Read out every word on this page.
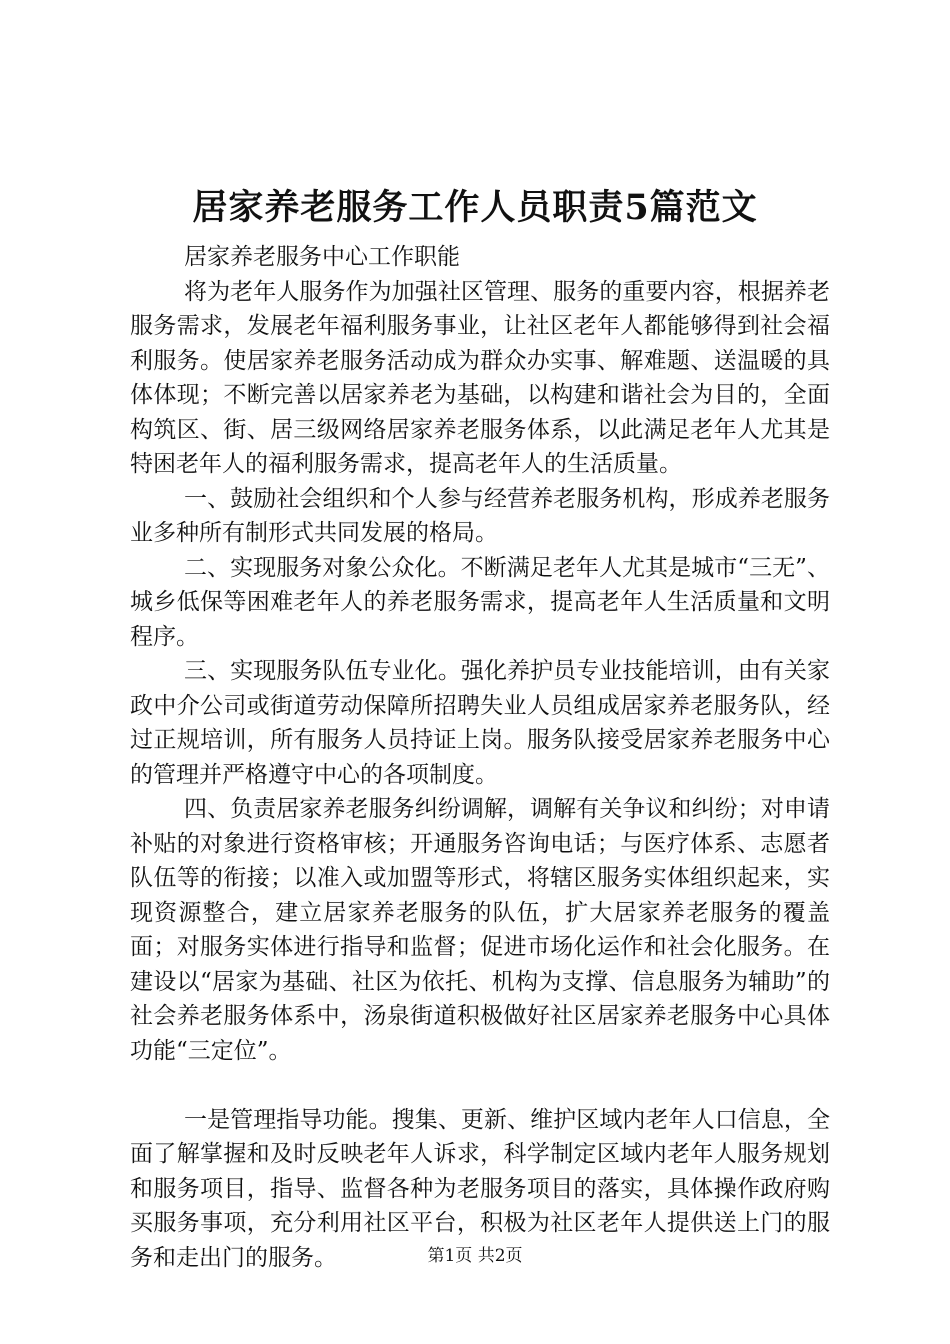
居家养老服务工作人员职责5篇范文

居家养老服务中心工作职能

将为老年人服务作为加强社区管理、服务的重要内容，根据养老服务需求，发展老年福利服务事业，让社区老年人都能够得到社会福利服务。使居家养老服务活动成为群众办实事、解难题、送温暖的具体体现；不断完善以居家养老为基础，以构建和谐社会为目的，全面构筑区、街、居三级网络居家养老服务体系，以此满足老年人尤其是特困老年人的福利服务需求，提高老年人的生活质量。

一、鼓励社会组织和个人参与经营养老服务机构，形成养老服务业多种所有制形式共同发展的格局。

二、实现服务对象公众化。不断满足老年人尤其是城市“三无”、城乡低保等困难老年人的养老服务需求，提高老年人生活质量和文明程序。

三、实现服务队伍专业化。强化养护员专业技能培训，由有关家政中介公司或街道劳动保障所招聘失业人员组成居家养老服务队，经过正规培训，所有服务人员持证上岗。服务队接受居家养老服务中心的管理并严格遵守中心的各项制度。

四、负责居家养老服务纠纷调解，调解有关争议和纠纷；对申请补贴的对象进行资格审核；开通服务咨询电话；与医疗体系、志愿者队伍等的衔接；以准入或加盟等形式，将辖区服务实体组织起来，实现资源整合，建立居家养老服务的队伍，扩大居家养老服务的覆盖面；对服务实体进行指导和监督；促进市场化运作和社会化服务。在建设以“居家为基础、社区为依托、机构为支撑、信息服务为辅助”的社会养老服务体系中，汤泉街道积极做好社区居家养老服务中心具体功能“三定位”。

一是管理指导功能。搜集、更新、维护区域内老年人口信息，全面了解掌握和及时反映老年人诉求，科学制定区域内老年人服务规划和服务项目，指导、监督各种为老服务项目的落实，具体操作政府购买服务事项，充分利用社区平台，积极为社区老年人提供送上门的服务和走出门的服务。	第1页 共2页
